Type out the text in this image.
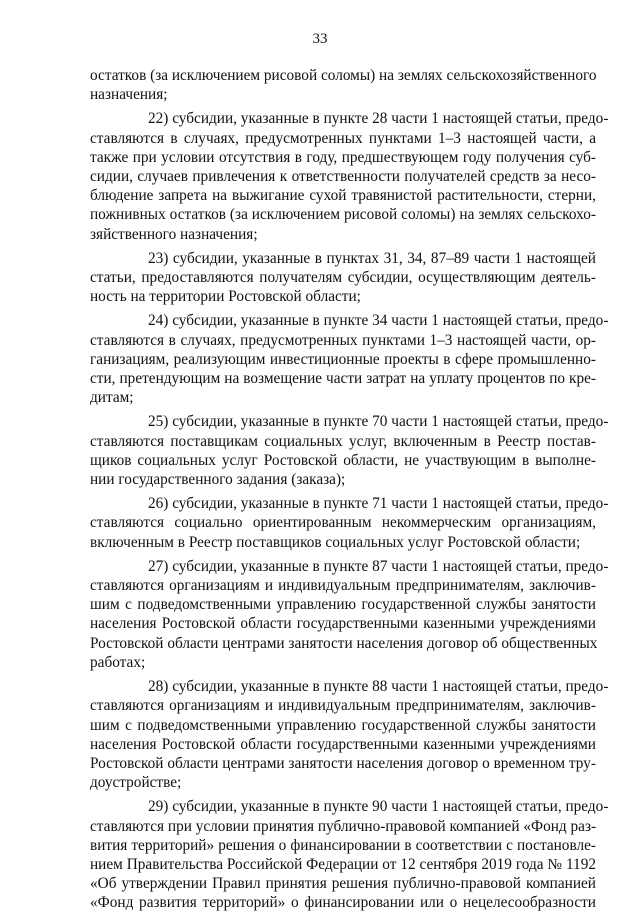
33
остатков (за исключением рисовой соломы) на землях сельскохозяйственного
назначения;
22) субсидии, указанные в пункте 28 части 1 настоящей статьи, предо-
ставляются в случаях, предусмотренных пунктами 1–3 настоящей части, а
также при условии отсутствия в году, предшествующем году получения суб-
сидии, случаев привлечения к ответственности получателей средств за несо-
блюдение запрета на выжигание сухой травянистой растительности, стерни,
пожнивных остатков (за исключением рисовой соломы) на землях сельскохо-
зяйственного назначения;
23) субсидии, указанные в пунктах 31, 34, 87–89 части 1 настоящей
статьи, предоставляются получателям субсидии, осуществляющим деятель-
ность на территории Ростовской области;
24) субсидии, указанные в пункте 34 части 1 настоящей статьи, предо-
ставляются в случаях, предусмотренных пунктами 1–3 настоящей части, ор-
ганизациям, реализующим инвестиционные проекты в сфере промышленно-
сти, претендующим на возмещение части затрат на уплату процентов по кре-
дитам;
25) субсидии, указанные в пункте 70 части 1 настоящей статьи, предо-
ставляются поставщикам социальных услуг, включенным в Реестр постав-
щиков социальных услуг Ростовской области, не участвующим в выполне-
нии государственного задания (заказа);
26) субсидии, указанные в пункте 71 части 1 настоящей статьи, предо-
ставляются социально ориентированным некоммерческим организациям,
включенным в Реестр поставщиков социальных услуг Ростовской области;
27) субсидии, указанные в пункте 87 части 1 настоящей статьи, предо-
ставляются организациям и индивидуальным предпринимателям, заключив-
шим с подведомственными управлению государственной службы занятости
населения Ростовской области государственными казенными учреждениями
Ростовской области центрами занятости населения договор об общественных
работах;
28) субсидии, указанные в пункте 88 части 1 настоящей статьи, предо-
ставляются организациям и индивидуальным предпринимателям, заключив-
шим с подведомственными управлению государственной службы занятости
населения Ростовской области государственными казенными учреждениями
Ростовской области центрами занятости населения договор о временном тру-
доустройстве;
29) субсидии, указанные в пункте 90 части 1 настоящей статьи, предо-
ставляются при условии принятия публично-правовой компанией «Фонд раз-
вития территорий» решения о финансировании в соответствии с постановле-
нием Правительства Российской Федерации от 12 сентября 2019 года № 1192
«Об утверждении Правил принятия решения публично-правовой компанией
«Фонд развития территорий» о финансировании или о нецелесообразности
